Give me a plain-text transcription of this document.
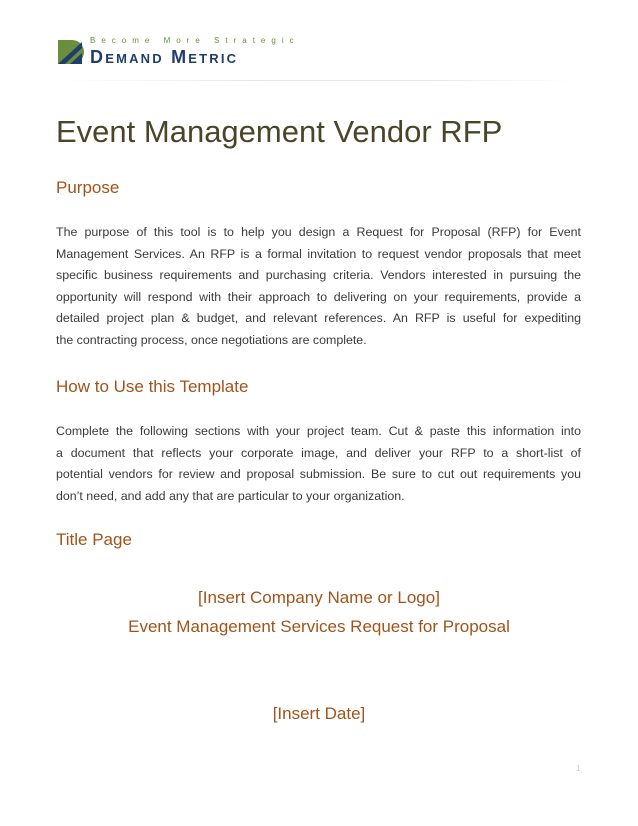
Become More Strategic
Demand Metric
Event Management Vendor RFP
Purpose
The purpose of this tool is to help you design a Request for Proposal (RFP) for Event
Management Services. An RFP is a formal invitation to request vendor proposals that meet
specific business requirements and purchasing criteria. Vendors interested in pursuing the
opportunity will respond with their approach to delivering on your requirements, provide a
detailed project plan & budget, and relevant references. An RFP is useful for expediting
the contracting process, once negotiations are complete.
How to Use this Template
Complete the following sections with your project team. Cut & paste this information into
a document that reflects your corporate image, and deliver your RFP to a short-list of
potential vendors for review and proposal submission. Be sure to cut out requirements you
don’t need, and add any that are particular to your organization.
Title Page
[Insert Company Name or Logo]
Event Management Services Request for Proposal
[Insert Date]
1
